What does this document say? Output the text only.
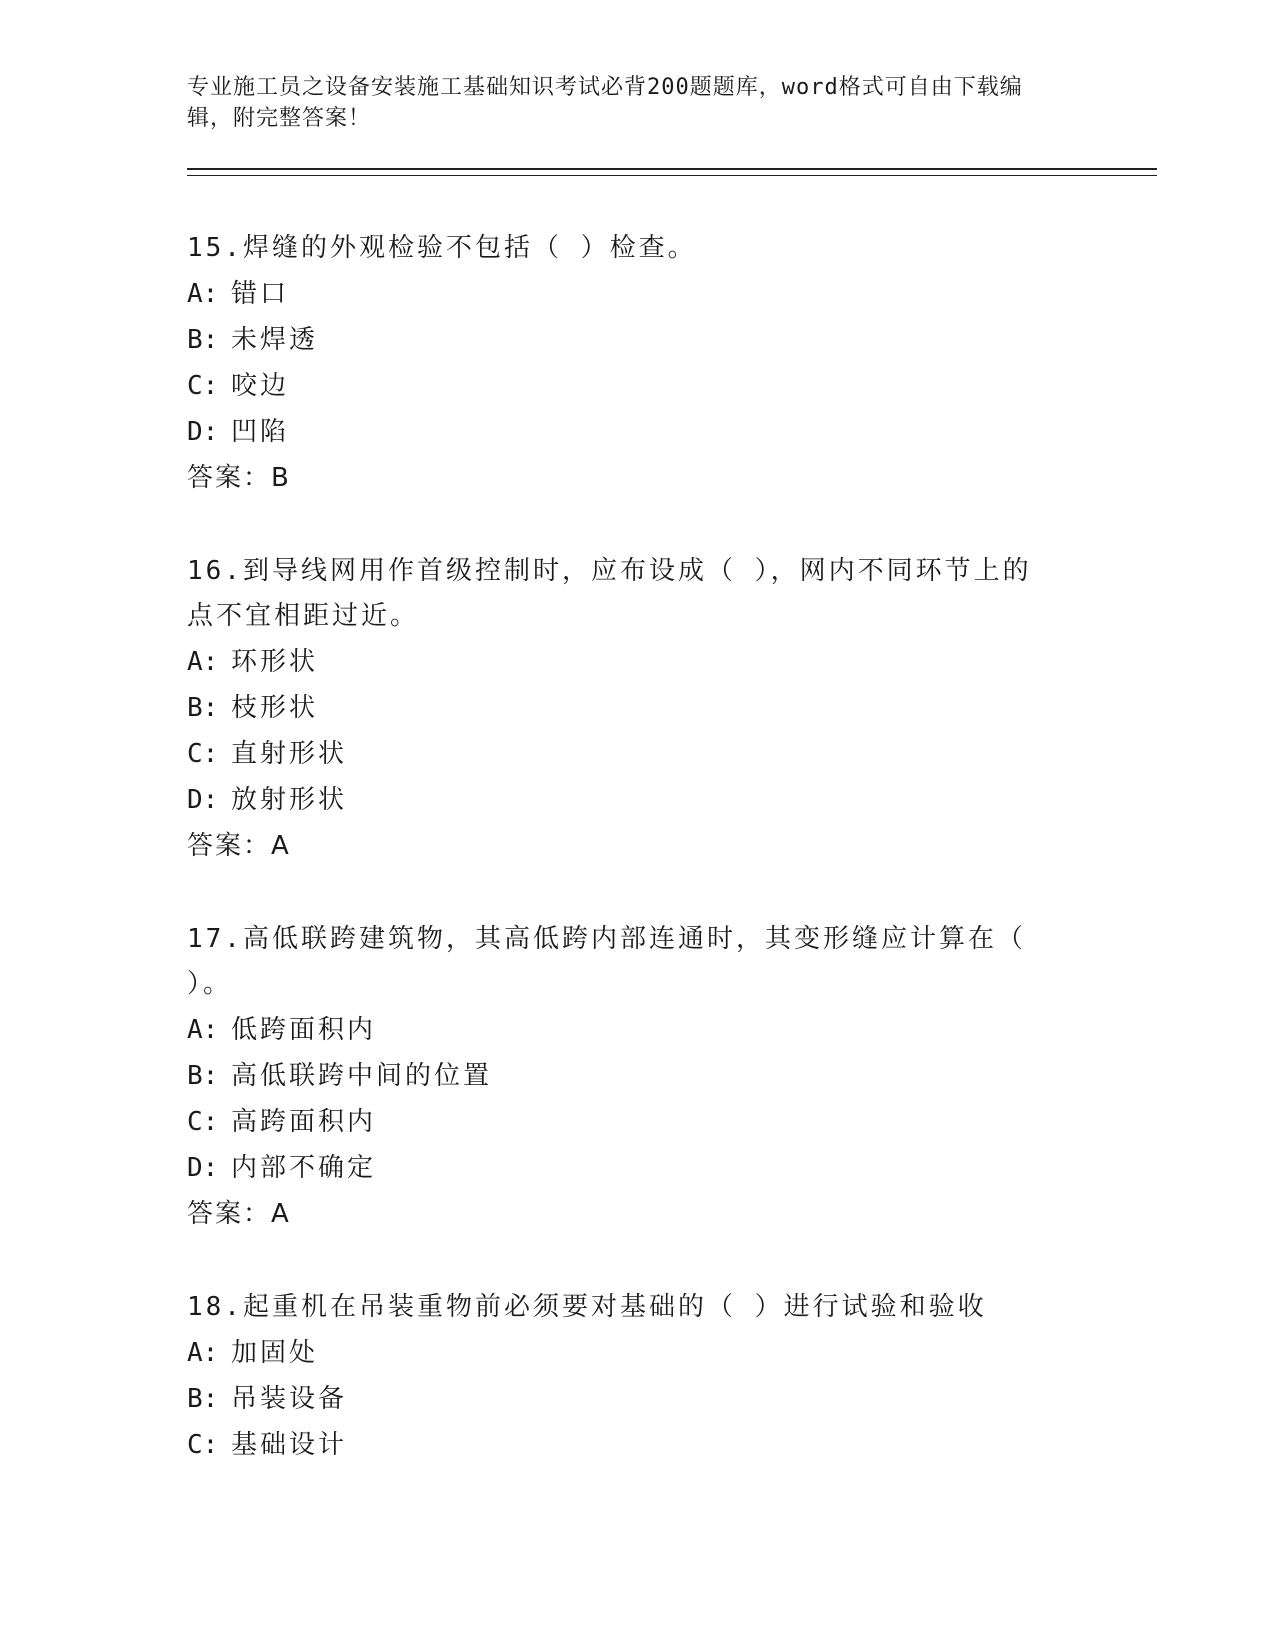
专业施工员之设备安装施工基础知识考试必背200题题库，word格式可自由下载编辑，附完整答案！
15.焊缝的外观检验不包括（ ）检查。
A: 错口
B: 未焊透
C: 咬边
D: 凹陷
答案：B
16.到导线网用作首级控制时，应布设成（ ），网内不同环节上的点不宜相距过近。
A: 环形状
B: 枝形状
C: 直射形状
D: 放射形状
答案：A
17.高低联跨建筑物，其高低跨内部连通时，其变形缝应计算在（ ）。
A: 低跨面积内
B: 高低联跨中间的位置
C: 高跨面积内
D: 内部不确定
答案：A
18.起重机在吊装重物前必须要对基础的（ ）进行试验和验收
A: 加固处
B: 吊装设备
C: 基础设计
